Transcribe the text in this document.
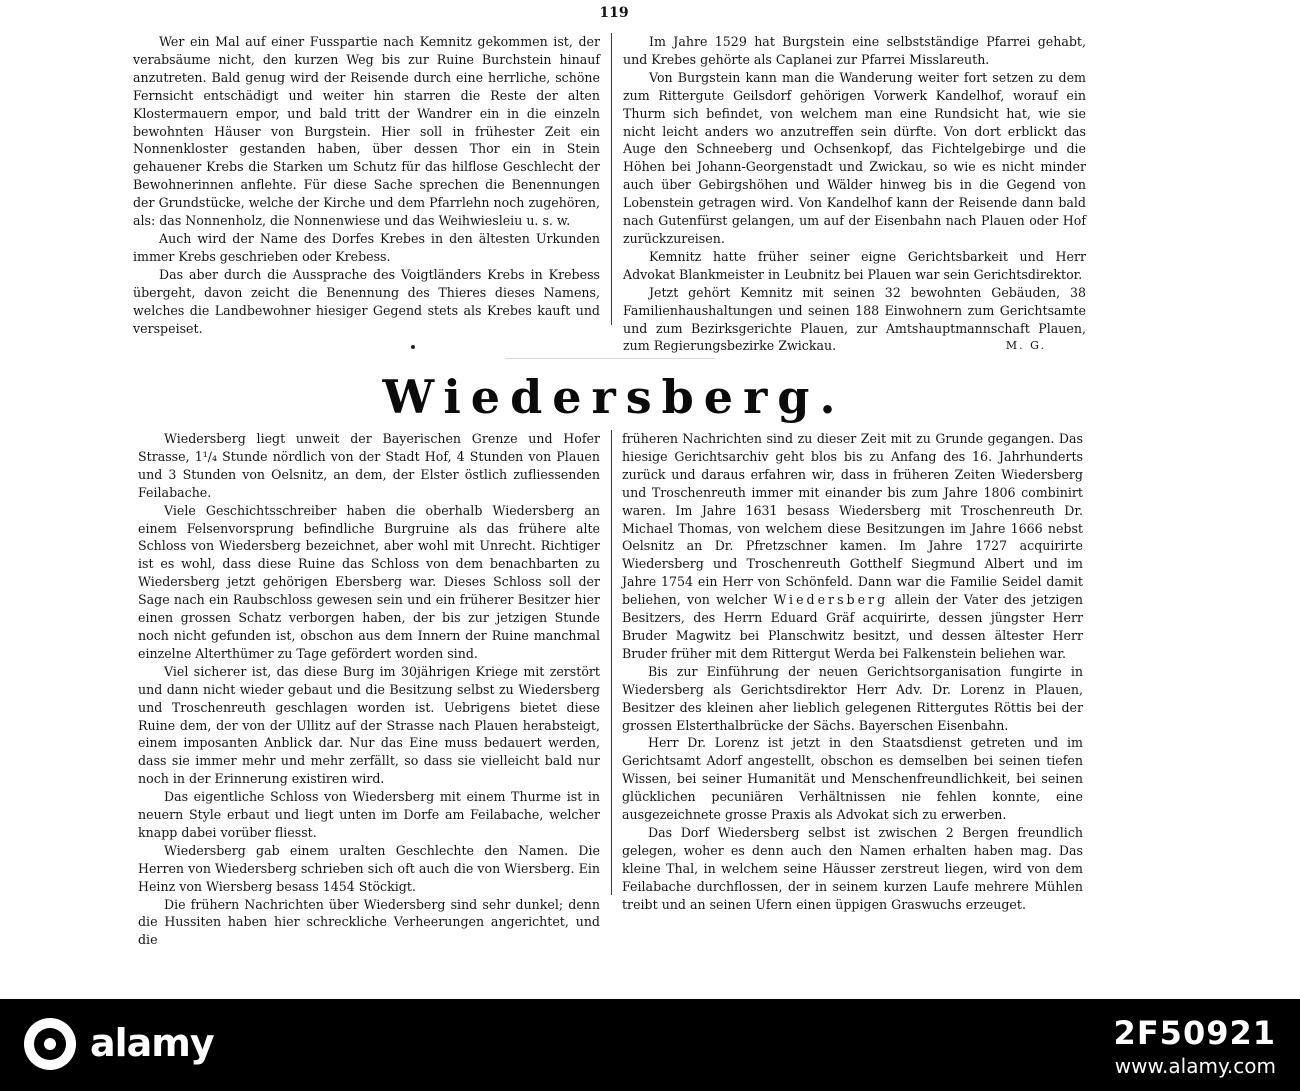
119

Wer ein Mal auf einer Fusspartie nach Kemnitz gekommen ist, der verabsäume nicht, den kurzen Weg bis zur Ruine Burchstein hinauf anzutreten. Bald genug wird der Reisende durch eine herrliche, schöne Fernsicht entschädigt und weiter hin starren die Reste der alten Klostermauern empor, und bald tritt der Wandrer ein in die einzeln bewohnten Häuser von Burgstein. Hier soll in frühester Zeit ein Nonnenkloster gestanden haben, über dessen Thor ein in Stein gehauener Krebs die Starken um Schutz für das hilflose Geschlecht der Bewohnerinnen anflehte. Für diese Sache sprechen die Benennungen der Grundstücke, welche der Kirche und dem Pfarrlehn noch zugehören, als: das Nonnenholz, die Nonnenwiese und das Weihwiesleiu u. s. w.

Auch wird der Name des Dorfes Krebes in den ältesten Urkunden immer Krebs geschrieben oder Krebess.

Das aber durch die Aussprache des Voigtländers Krebs in Krebess übergeht, davon zeicht die Benennung des Thieres dieses Namens, welches die Landbewohner hiesiger Gegend stets als Krebes kauft und verspeiset.

Im Jahre 1529 hat Burgstein eine selbstständige Pfarrei gehabt, und Krebes gehörte als Caplanei zur Pfarrei Misslareuth.

Von Burgstein kann man die Wanderung weiter fort setzen zu dem zum Rittergute Geilsdorf gehörigen Vorwerk Kandelhof, worauf ein Thurm sich befindet, von welchem man eine Rundsicht hat, wie sie nicht leicht anders wo anzutreffen sein dürfte. Von dort erblickt das Auge den Schneeberg und Ochsenkopf, das Fichtelgebirge und die Höhen bei Johann-Georgenstadt und Zwickau, so wie es nicht minder auch über Gebirgshöhen und Wälder hinweg bis in die Gegend von Lobenstein getragen wird. Von Kandelhof kann der Reisende dann bald nach Gutenfürst gelangen, um auf der Eisenbahn nach Plauen oder Hof zurückzureisen.

Kemnitz hatte früher seiner eigne Gerichtsbarkeit und Herr Advokat Blankmeister in Leubnitz bei Plauen war sein Gerichtsdirektor.

Jetzt gehört Kemnitz mit seinen 32 bewohnten Gebäuden, 38 Familienhaushaltungen und seinen 188 Einwohnern zum Gerichtsamte und zum Bezirksgerichte Plauen, zur Amtshauptmannschaft Plauen, zum Regierungsbezirke Zwickau.	M. G.

Wiedersberg.

Wiedersberg liegt unweit der Bayerischen Grenze und Hofer Strasse, 1¹/₄ Stunde nördlich von der Stadt Hof, 4 Stunden von Plauen und 3 Stunden von Oelsnitz, an dem, der Elster östlich zufliessenden Feilabache.

Viele Geschichtsschreiber haben die oberhalb Wiedersberg an einem Felsenvorsprung befindliche Burgruine als das frühere alte Schloss von Wiedersberg bezeichnet, aber wohl mit Unrecht. Richtiger ist es wohl, dass diese Ruine das Schloss von dem benachbarten zu Wiedersberg jetzt gehörigen Ebersberg war. Dieses Schloss soll der Sage nach ein Raubschloss gewesen sein und ein früherer Besitzer hier einen grossen Schatz verborgen haben, der bis zur jetzigen Stunde noch nicht gefunden ist, obschon aus dem Innern der Ruine manchmal einzelne Alterthümer zu Tage gefördert worden sind.

Viel sicherer ist, das diese Burg im 30jährigen Kriege mit zerstört und dann nicht wieder gebaut und die Besitzung selbst zu Wiedersberg und Troschenreuth geschlagen worden ist. Uebrigens bietet diese Ruine dem, der von der Ullitz auf der Strasse nach Plauen herabsteigt, einem imposanten Anblick dar. Nur das Eine muss bedauert werden, dass sie immer mehr und mehr zerfällt, so dass sie vielleicht bald nur noch in der Erinnerung existiren wird.

Das eigentliche Schloss von Wiedersberg mit einem Thurme ist in neuern Style erbaut und liegt unten im Dorfe am Feilabache, welcher knapp dabei vorüber fliesst.

Wiedersberg gab einem uralten Geschlechte den Namen. Die Herren von Wiedersberg schrieben sich oft auch die von Wiersberg. Ein Heinz von Wiersberg besass 1454 Stöckigt.

Die frühern Nachrichten über Wiedersberg sind sehr dunkel; denn die Hussiten haben hier schreckliche Verheerungen angerichtet, und die

früheren Nachrichten sind zu dieser Zeit mit zu Grunde gegangen. Das hiesige Gerichtsarchiv geht blos bis zu Anfang des 16. Jahrhunderts zurück und daraus erfahren wir, dass in früheren Zeiten Wiedersberg und Troschenreuth immer mit einander bis zum Jahre 1806 combinirt waren. Im Jahre 1631 besass Wiedersberg mit Troschenreuth Dr. Michael Thomas, von welchem diese Besitzungen im Jahre 1666 nebst Oelsnitz an Dr. Pfretzschner kamen. Im Jahre 1727 acquirirte Wiedersberg und Troschenreuth Gotthelf Siegmund Albert und im Jahre 1754 ein Herr von Schönfeld. Dann war die Familie Seidel damit beliehen, von welcher Wiedersberg allein der Vater des jetzigen Besitzers, des Herrn Eduard Gräf acquirirte, dessen jüngster Herr Bruder Magwitz bei Planschwitz besitzt, und dessen ältester Herr Bruder früher mit dem Rittergut Werda bei Falkenstein beliehen war.

Bis zur Einführung der neuen Gerichtsorganisation fungirte in Wiedersberg als Gerichtsdirektor Herr Adv. Dr. Lorenz in Plauen, Besitzer des kleinen aher lieblich gelegenen Rittergutes Röttis bei der grossen Elsterthalbrücke der Sächs. Bayerschen Eisenbahn.

Herr Dr. Lorenz ist jetzt in den Staatsdienst getreten und im Gerichtsamt Adorf angestellt, obschon es demselben bei seinen tiefen Wissen, bei seiner Humanität und Menschenfreundlichkeit, bei seinen glücklichen pecuniären Verhältnissen nie fehlen konnte, eine ausgezeichnete grosse Praxis als Advokat sich zu erwerben.

Das Dorf Wiedersberg selbst ist zwischen 2 Bergen freundlich gelegen, woher es denn auch den Namen erhalten haben mag. Das kleine Thal, in welchem seine Häusser zerstreut liegen, wird von dem Feilabache durchflossen, der in seinem kurzen Laufe mehrere Mühlen treibt und an seinen Ufern einen üppigen Graswuchs erzeuget.

alamy	2F50921
www.alamy.com
